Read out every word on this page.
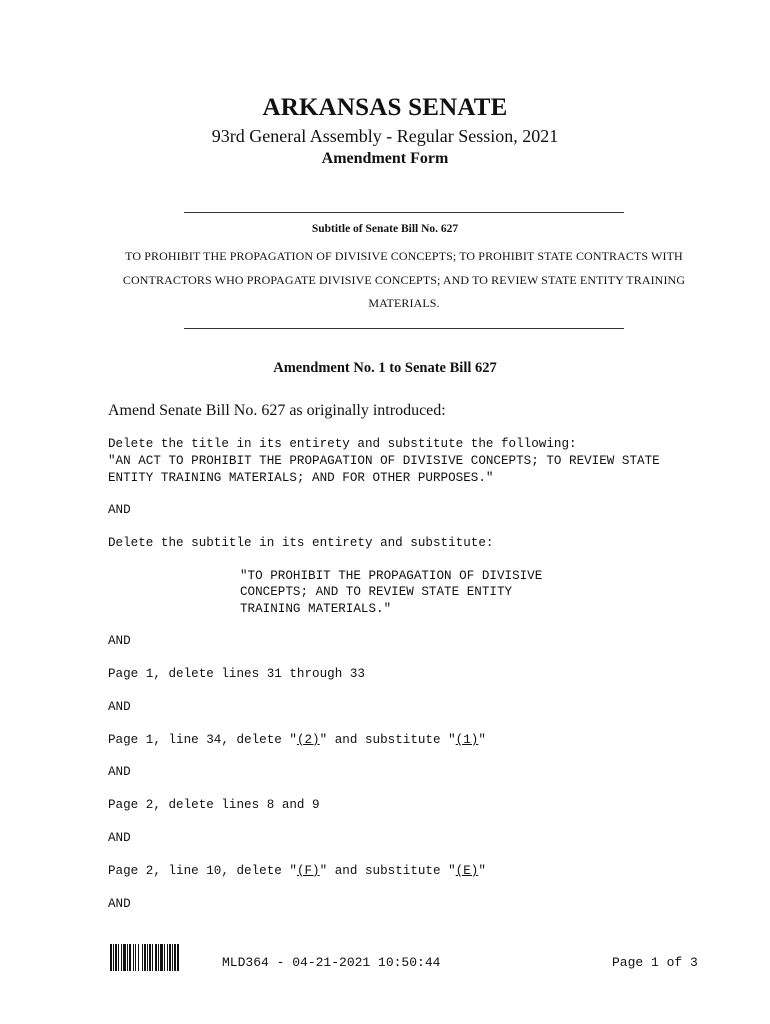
ARKANSAS SENATE
93rd General Assembly - Regular Session, 2021
Amendment Form
Subtitle of Senate Bill No. 627
TO PROHIBIT THE PROPAGATION OF DIVISIVE CONCEPTS; TO PROHIBIT STATE CONTRACTS WITH CONTRACTORS WHO PROPAGATE DIVISIVE CONCEPTS; AND TO REVIEW STATE ENTITY TRAINING MATERIALS.
Amendment No. 1 to Senate Bill 627
Amend Senate Bill No. 627 as originally introduced:
Delete the title in its entirety and substitute the following:
"AN ACT TO PROHIBIT THE PROPAGATION OF DIVISIVE CONCEPTS; TO REVIEW STATE
ENTITY TRAINING MATERIALS; AND FOR OTHER PURPOSES."
AND
Delete the subtitle in its entirety and substitute:
"TO PROHIBIT THE PROPAGATION OF DIVISIVE
CONCEPTS; AND TO REVIEW STATE ENTITY
TRAINING MATERIALS."
AND
Page 1, delete lines 31 through 33
AND
Page 1, line 34, delete "(2)" and substitute "(1)"
AND
Page 2, delete lines 8 and 9
AND
Page 2, line 10, delete "(F)" and substitute "(E)"
AND
MLD364 - 04-21-2021 10:50:44	Page 1 of 3
